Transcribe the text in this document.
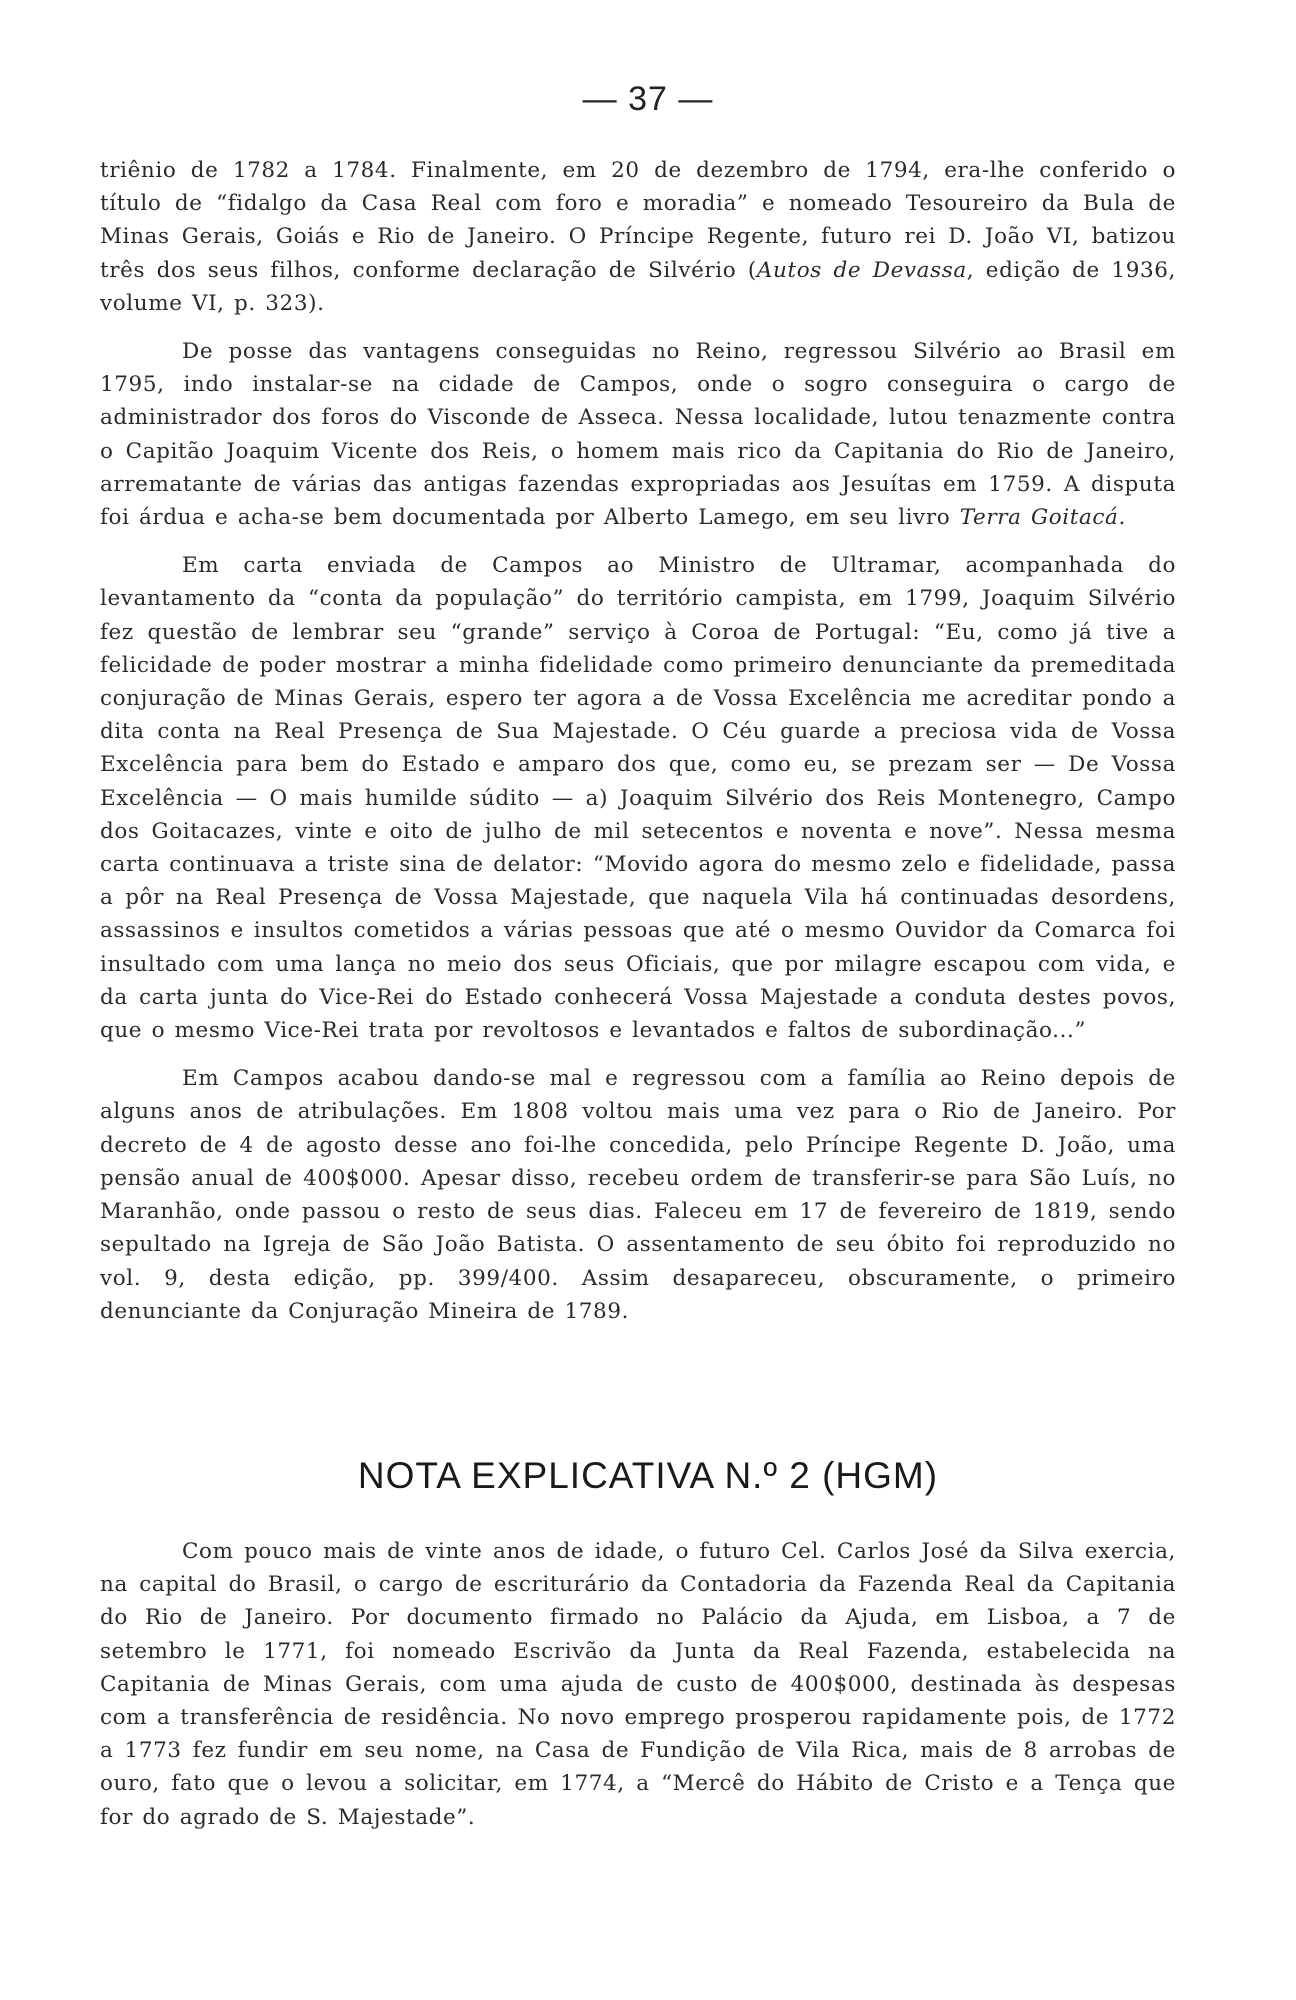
— 37 —

triênio de 1782 a 1784. Finalmente, em 20 de dezembro de 1794, era-lhe conferido o título de “fidalgo da Casa Real com foro e moradia” e nomeado Tesoureiro da Bula de Minas Gerais, Goiás e Rio de Janeiro. O Príncipe Regente, futuro rei D. João VI, batizou três dos seus filhos, conforme declaração de Silvério (Autos de Devassa, edição de 1936, volume VI, p. 323).

De posse das vantagens conseguidas no Reino, regressou Silvério ao Brasil em 1795, indo instalar-se na cidade de Campos, onde o sogro conseguira o cargo de administrador dos foros do Visconde de Asseca. Nessa localidade, lutou tenazmente contra o Capitão Joaquim Vicente dos Reis, o homem mais rico da Capitania do Rio de Janeiro, arrematante de várias das antigas fazendas expropriadas aos Jesuítas em 1759. A disputa foi árdua e acha-se bem documentada por Alberto Lamego, em seu livro Terra Goitacá.

Em carta enviada de Campos ao Ministro de Ultramar, acompanhada do levantamento da “conta da população” do território campista, em 1799, Joaquim Silvério fez questão de lembrar seu “grande” serviço à Coroa de Portugal: “Eu, como já tive a felicidade de poder mostrar a minha fidelidade como primeiro denunciante da premeditada conjuração de Minas Gerais, espero ter agora a de Vossa Excelência me acreditar pondo a dita conta na Real Presença de Sua Majestade. O Céu guarde a preciosa vida de Vossa Excelência para bem do Estado e amparo dos que, como eu, se prezam ser — De Vossa Excelência — O mais humilde súdito — a) Joaquim Silvério dos Reis Montenegro, Campo dos Goitacazes, vinte e oito de julho de mil setecentos e noventa e nove”. Nessa mesma carta continuava a triste sina de delator: “Movido agora do mesmo zelo e fidelidade, passa a pôr na Real Presença de Vossa Majestade, que naquela Vila há continuadas desordens, assassinos e insultos cometidos a várias pessoas que até o mesmo Ouvidor da Comarca foi insultado com uma lança no meio dos seus Oficiais, que por milagre escapou com vida, e da carta junta do Vice-Rei do Estado conhecerá Vossa Majestade a conduta destes povos, que o mesmo Vice-Rei trata por revoltosos e levantados e faltos de subordinação...”

Em Campos acabou dando-se mal e regressou com a família ao Reino depois de alguns anos de atribulações. Em 1808 voltou mais uma vez para o Rio de Janeiro. Por decreto de 4 de agosto desse ano foi-lhe concedida, pelo Príncipe Regente D. João, uma pensão anual de 400$000. Apesar disso, recebeu ordem de transferir-se para São Luís, no Maranhão, onde passou o resto de seus dias. Faleceu em 17 de fevereiro de 1819, sendo sepultado na Igreja de São João Batista. O assentamento de seu óbito foi reproduzido no vol. 9, desta edição, pp. 399/400. Assim desapareceu, obscuramente, o primeiro denunciante da Conjuração Mineira de 1789.

NOTA EXPLICATIVA N.º 2 (HGM)

Com pouco mais de vinte anos de idade, o futuro Cel. Carlos José da Silva exercia, na capital do Brasil, o cargo de escriturário da Contadoria da Fazenda Real da Capitania do Rio de Janeiro. Por documento firmado no Palácio da Ajuda, em Lisboa, a 7 de setembro le 1771, foi nomeado Escrivão da Junta da Real Fazenda, estabelecida na Capitania de Minas Gerais, com uma ajuda de custo de 400$000, destinada às despesas com a transferência de residência. No novo emprego prosperou rapidamente pois, de 1772 a 1773 fez fundir em seu nome, na Casa de Fundição de Vila Rica, mais de 8 arrobas de ouro, fato que o levou a solicitar, em 1774, a “Mercê do Hábito de Cristo e a Tença que for do agrado de S. Majestade”.
